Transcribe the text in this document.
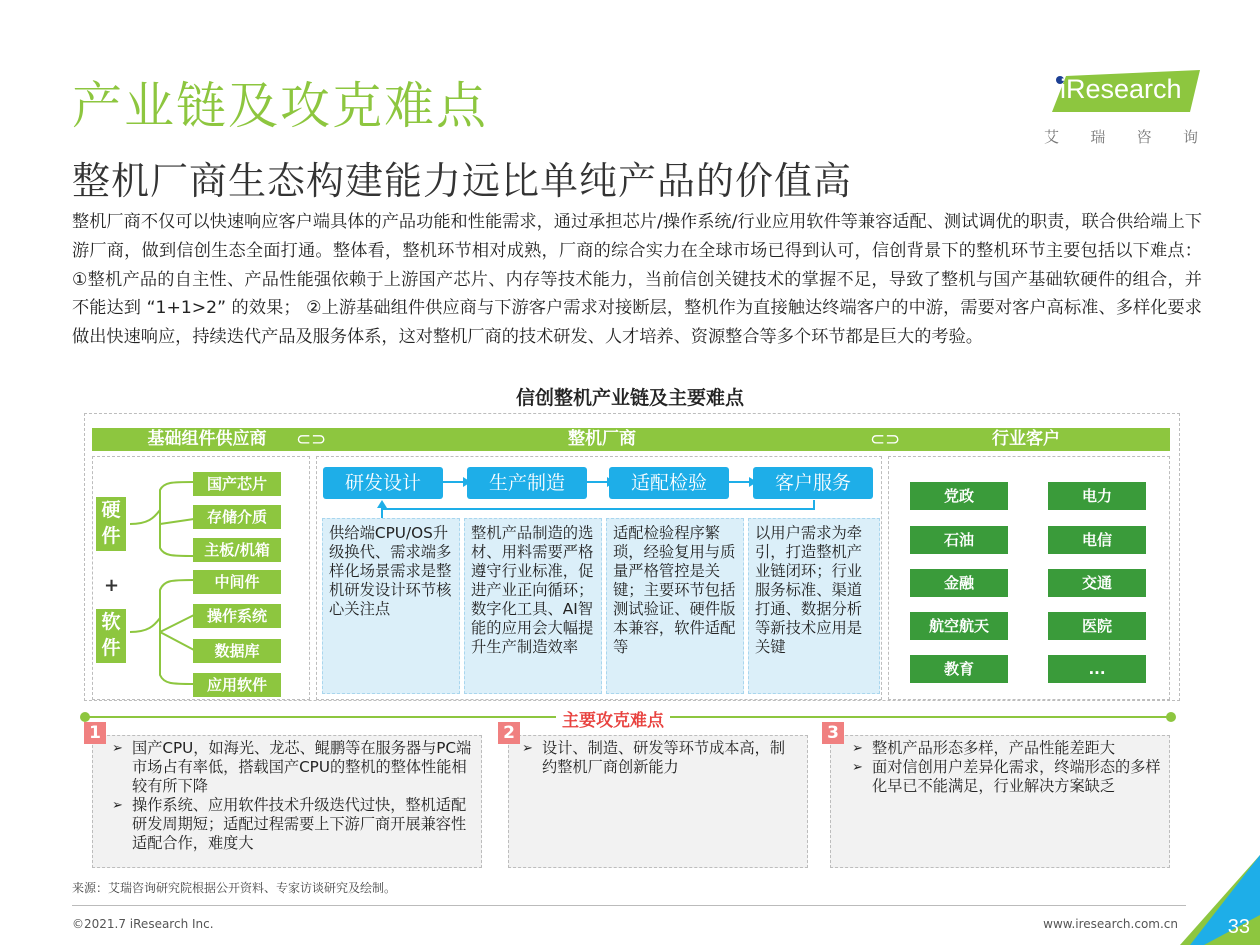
产业链及攻克难点
整机厂商生态构建能力远比单纯产品的价值高
iResearch
艾 瑞 咨 询
整机厂商不仅可以快速响应客户端具体的产品功能和性能需求，通过承担芯片/操作系统/行业应用软件等兼容适配、测试调优的职责，联合供给端上下游厂商，做到信创生态全面打通。整体看，整机环节相对成熟，厂商的综合实力在全球市场已得到认可，信创背景下的整机环节主要包括以下难点： ①整机产品的自主性、产品性能强依赖于上游国产芯片、内存等技术能力，当前信创关键技术的掌握不足，导致了整机与国产基础软硬件的组合，并不能达到 “1+1>2” 的效果； ②上游基础组件供应商与下游客户需求对接断层，整机作为直接触达终端客户的中游，需要对客户高标准、多样化要求做出快速响应，持续迭代产品及服务体系，这对整机厂商的技术研发、人才培养、资源整合等多个环节都是巨大的考验。
信创整机产业链及主要难点
基础组件供应商	整机厂商	行业客户
⊂⊃	⊂⊃
硬件
+
软件
国产芯片
存储介质
主板/机箱
中间件
操作系统
数据库
应用软件
研发设计	生产制造	适配检验	客户服务
供给端CPU/OS升级换代、需求端多样化场景需求是整机研发设计环节核心关注点
整机产品制造的选材、用料需要严格遵守行业标准，促进产业正向循环；数字化工具、AI智能的应用会大幅提升生产制造效率
适配检验程序繁琐，经验复用与质量严格管控是关键；主要环节包括测试验证、硬件版本兼容，软件适配等
以用户需求为牵引，打造整机产业链闭环；行业服务标准、渠道打通、数据分析等新技术应用是关键
党政	电力
石油	电信
金融	交通
航空航天	医院
教育	...
主要攻克难点
1
➢ 国产CPU，如海光、龙芯、鲲鹏等在服务器与PC端市场占有率低，搭载国产CPU的整机的整体性能相较有所下降
➢ 操作系统、应用软件技术升级迭代过快，整机适配研发周期短；适配过程需要上下游厂商开展兼容性适配合作，难度大
2
➢ 设计、制造、研发等环节成本高，制约整机厂商创新能力
3
➢ 整机产品形态多样，产品性能差距大
➢ 面对信创用户差异化需求，终端形态的多样化早已不能满足，行业解决方案缺乏
来源：艾瑞咨询研究院根据公开资料、专家访谈研究及绘制。
©2021.7 iResearch Inc.	www.iresearch.com.cn 33
